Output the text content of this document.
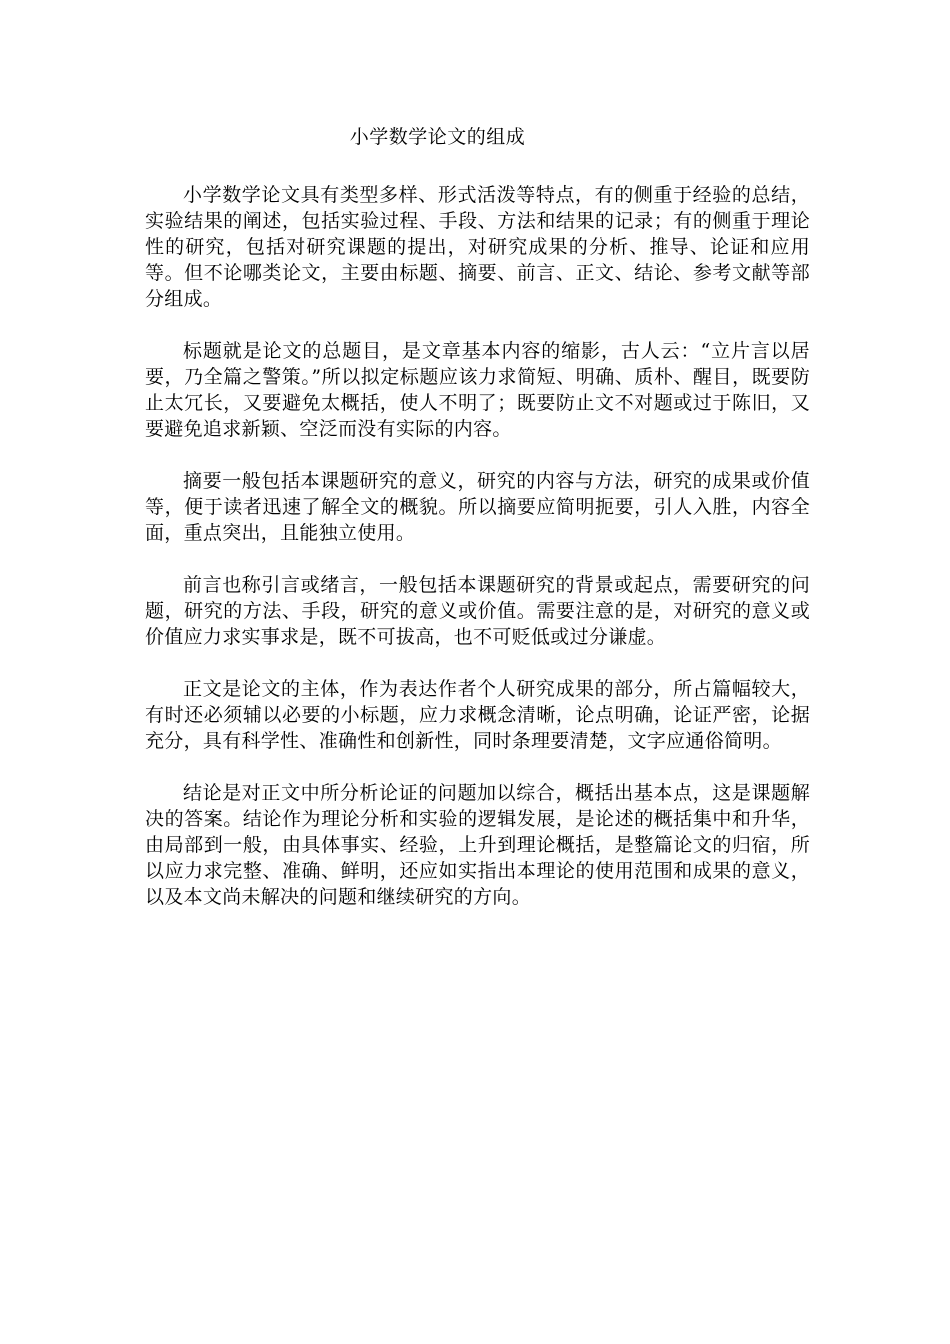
小学数学论文的组成

小学数学论文具有类型多样、形式活泼等特点，有的侧重于经验的总结，实验结果的阐述，包括实验过程、手段、方法和结果的记录；有的侧重于理论性的研究，包括对研究课题的提出，对研究成果的分析、推导、论证和应用等。但不论哪类论文，主要由标题、摘要、前言、正文、结论、参考文献等部分组成。

标题就是论文的总题目，是文章基本内容的缩影，古人云：“立片言以居要，乃全篇之警策。”所以拟定标题应该力求简短、明确、质朴、醒目，既要防止太冗长，又要避免太概括，使人不明了；既要防止文不对题或过于陈旧，又要避免追求新颖、空泛而没有实际的内容。

摘要一般包括本课题研究的意义，研究的内容与方法，研究的成果或价值等，便于读者迅速了解全文的概貌。所以摘要应简明扼要，引人入胜，内容全面，重点突出，且能独立使用。

前言也称引言或绪言，一般包括本课题研究的背景或起点，需要研究的问题，研究的方法、手段，研究的意义或价值。需要注意的是，对研究的意义或价值应力求实事求是，既不可拔高，也不可贬低或过分谦虚。

正文是论文的主体，作为表达作者个人研究成果的部分，所占篇幅较大，有时还必须辅以必要的小标题，应力求概念清晰，论点明确，论证严密，论据充分，具有科学性、准确性和创新性，同时条理要清楚，文字应通俗简明。

结论是对正文中所分析论证的问题加以综合，概括出基本点，这是课题解决的答案。结论作为理论分析和实验的逻辑发展，是论述的概括集中和升华，由局部到一般，由具体事实、经验，上升到理论概括，是整篇论文的归宿，所以应力求完整、准确、鲜明，还应如实指出本理论的使用范围和成果的意义，以及本文尚未解决的问题和继续研究的方向。
